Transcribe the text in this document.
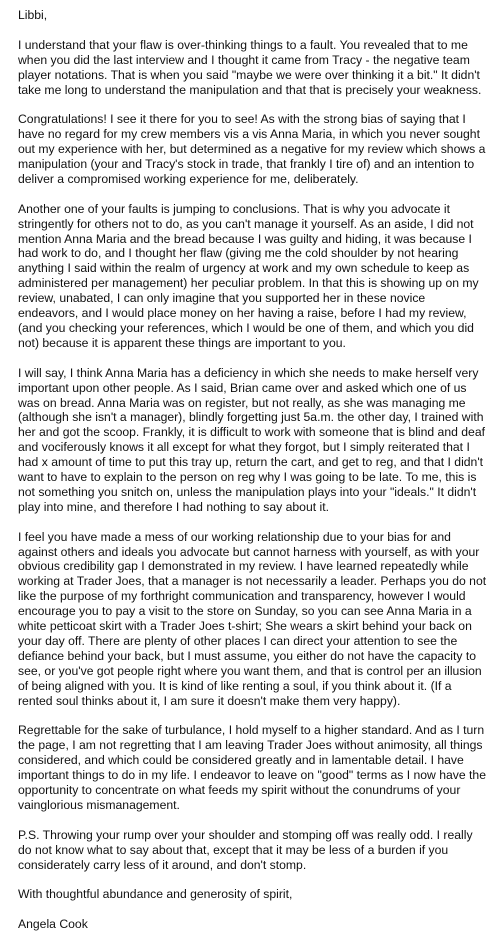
Libbi,

I understand that your flaw is over-thinking things to a fault. You revealed that to me when you did the last interview and I thought it came from Tracy - the negative team player notations. That is when you said "maybe we were over thinking it a bit." It didn't take me long to understand the manipulation and that that is precisely your weakness.

Congratulations! I see it there for you to see! As with the strong bias of saying that I have no regard for my crew members vis a vis Anna Maria, in which you never sought out my experience with her, but determined as a negative for my review which shows a manipulation (your and Tracy's stock in trade, that frankly I tire of) and an intention to deliver a compromised working experience for me, deliberately.

Another one of your faults is jumping to conclusions. That is why you advocate it stringently for others not to do, as you can't manage it yourself. As an aside, I did not mention Anna Maria and the bread because I was guilty and hiding, it was because I had work to do, and I thought her flaw (giving me the cold shoulder by not hearing anything I said within the realm of urgency at work and my own schedule to keep as administered per management) her peculiar problem. In that this is showing up on my review, unabated, I can only imagine that you supported her in these novice endeavors, and I would place money on her having a raise, before I had my review, (and you checking your references, which I would be one of them, and which you did not) because it is apparent these things are important to you.

I will say, I think Anna Maria has a deficiency in which she needs to make herself very important upon other people. As I said, Brian came over and asked which one of us was on bread. Anna Maria was on register, but not really, as she was managing me (although she isn't a manager), blindly forgetting just 5a.m. the other day, I trained with her and got the scoop. Frankly, it is difficult to work with someone that is blind and deaf and vociferously knows it all except for what they forgot, but I simply reiterated that I had x amount of time to put this tray up, return the cart, and get to reg, and that I didn't want to have to explain to the person on reg why I was going to be late. To me, this is not something you snitch on, unless the manipulation plays into your "ideals." It didn't play into mine, and therefore I had nothing to say about it.

I feel you have made a mess of our working relationship due to your bias for and against others and ideals you advocate but cannot harness with yourself, as with your obvious credibility gap I demonstrated in my review. I have learned repeatedly while working at Trader Joes, that a manager is not necessarily a leader. Perhaps you do not like the purpose of my forthright communication and transparency, however I would encourage you to pay a visit to the store on Sunday, so you can see Anna Maria in a white petticoat skirt with a Trader Joes t-shirt; She wears a skirt behind your back on your day off. There are plenty of other places I can direct your attention to see the defiance behind your back, but I must assume, you either do not have the capacity to see, or you've got people right where you want them, and that is control per an illusion of being aligned with you. It is kind of like renting a soul, if you think about it. (If a rented soul thinks about it, I am sure it doesn't make them very happy).

Regrettable for the sake of turbulance, I hold myself to a higher standard. And as I turn the page, I am not regretting that I am leaving Trader Joes without animosity, all things considered, and which could be considered greatly and in lamentable detail. I have important things to do in my life. I endeavor to leave on "good" terms as I now have the opportunity to concentrate on what feeds my spirit without the conundrums of your vainglorious mismanagement.

P.S. Throwing your rump over your shoulder and stomping off was really odd. I really do not know what to say about that, except that it may be less of a burden if you considerately carry less of it around, and don't stomp.

With thoughtful abundance and generosity of spirit,

Angela Cook
